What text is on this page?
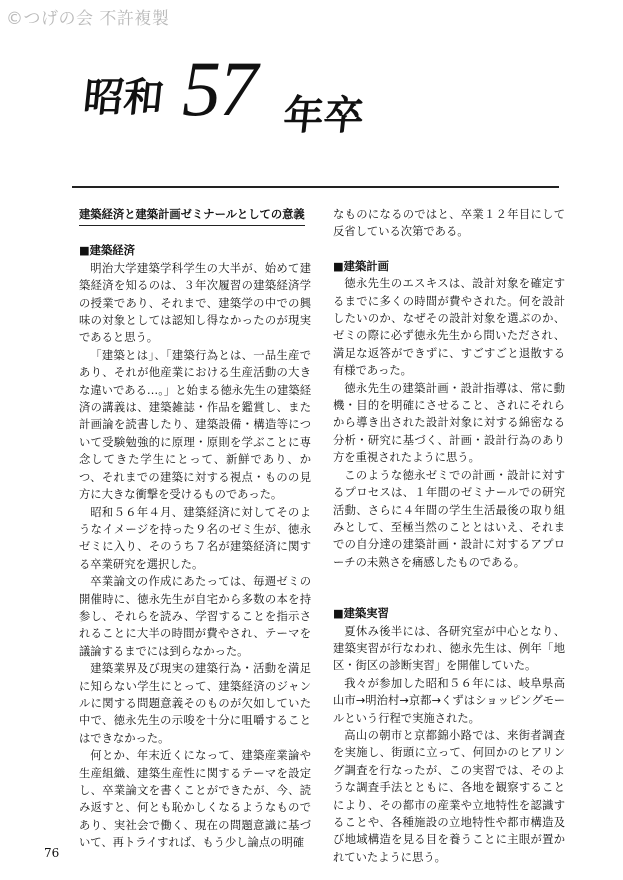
©つげの会 不許複製
昭和 57 年卒
建築経済と建築計画ゼミナールとしての意義
■建築経済

明治大学建築学科学生の大半が、始めて建築経済を知るのは、３年次履習の建築経済学の授業であり、それまで、建築学の中での興味の対象としては認知し得なかったのが現実であると思う。

「建築とは」、「建築行為とは、一品生産であり、それが他産業における生産活動の大きな違いである…。」と始まる徳永先生の建築経済の講義は、建築雑誌・作品を鑑賞し、また計画論を読書したり、建築設備・構造等について受験勉強的に原理・原則を学ぶことに専念してきた学生にとって、新鮮であり、かつ、それまでの建築に対する視点・ものの見方に大きな衝撃を受けるものであった。

昭和５６年４月、建築経済に対してそのようなイメージを持った９名のゼミ生が、徳永ゼミに入り、そのうち７名が建築経済に関する卒業研究を選択した。

卒業論文の作成にあたっては、毎週ゼミの開催時に、徳永先生が自宅から多数の本を持参し、それらを読み、学習することを指示されることに大半の時間が費やされ、テーマを議論するまでには到らなかった。

建築業界及び現実の建築行為・活動を満足に知らない学生にとって、建築経済のジャンルに関する問題意義そのものが欠如していた中で、徳永先生の示唆を十分に咀嚼することはできなかった。

何とか、年末近くになって、建築産業論や生産組織、建築生産性に関するテーマを設定し、卒業論文を書くことができたが、今、読み返すと、何とも恥かしくなるようなものであり、実社会で働く、現在の問題意識に基づいて、再トライすれば、もう少し論点の明確

なものになるのではと、卒業１２年目にして反省している次第である。

■建築計画

徳永先生のエスキスは、設計対象を確定するまでに多くの時間が費やされた。何を設計したいのか、なぜその設計対象を選ぶのか、ゼミの際に必ず徳永先生から問いただされ、満足な返答ができずに、すごすごと退散する有様であった。

徳永先生の建築計画・設計指導は、常に動機・目的を明確にさせること、されにそれらから導き出された設計対象に対する綿密なる分析・研究に基づく、計画・設計行為のあり方を重視されたように思う。

このような徳永ゼミでの計画・設計に対するプロセスは、１年間のゼミナールでの研究活動、さらに４年間の学生生活最後の取り組みとして、至極当然のこととはいえ、それまでの自分達の建築計画・設計に対するアプローチの未熟さを痛感したものである。

■建築実習

夏休み後半には、各研究室が中心となり、建築実習が行なわれ、徳永先生は、例年「地区・街区の診断実習」を開催していた。

我々が参加した昭和５６年には、岐阜県高山市→明治村→京都→くずはショッピングモールという行程で実施された。

高山の朝市と京都錦小路では、来街者調査を実施し、街頭に立って、何回かのヒアリング調査を行なったが、この実習では、そのような調査手法とともに、各地を観察することにより、その都市の産業や立地特性を認識することや、各種施設の立地特性や都市構造及び地域構造を見る目を養うことに主眼が置かれていたように思う。

76
